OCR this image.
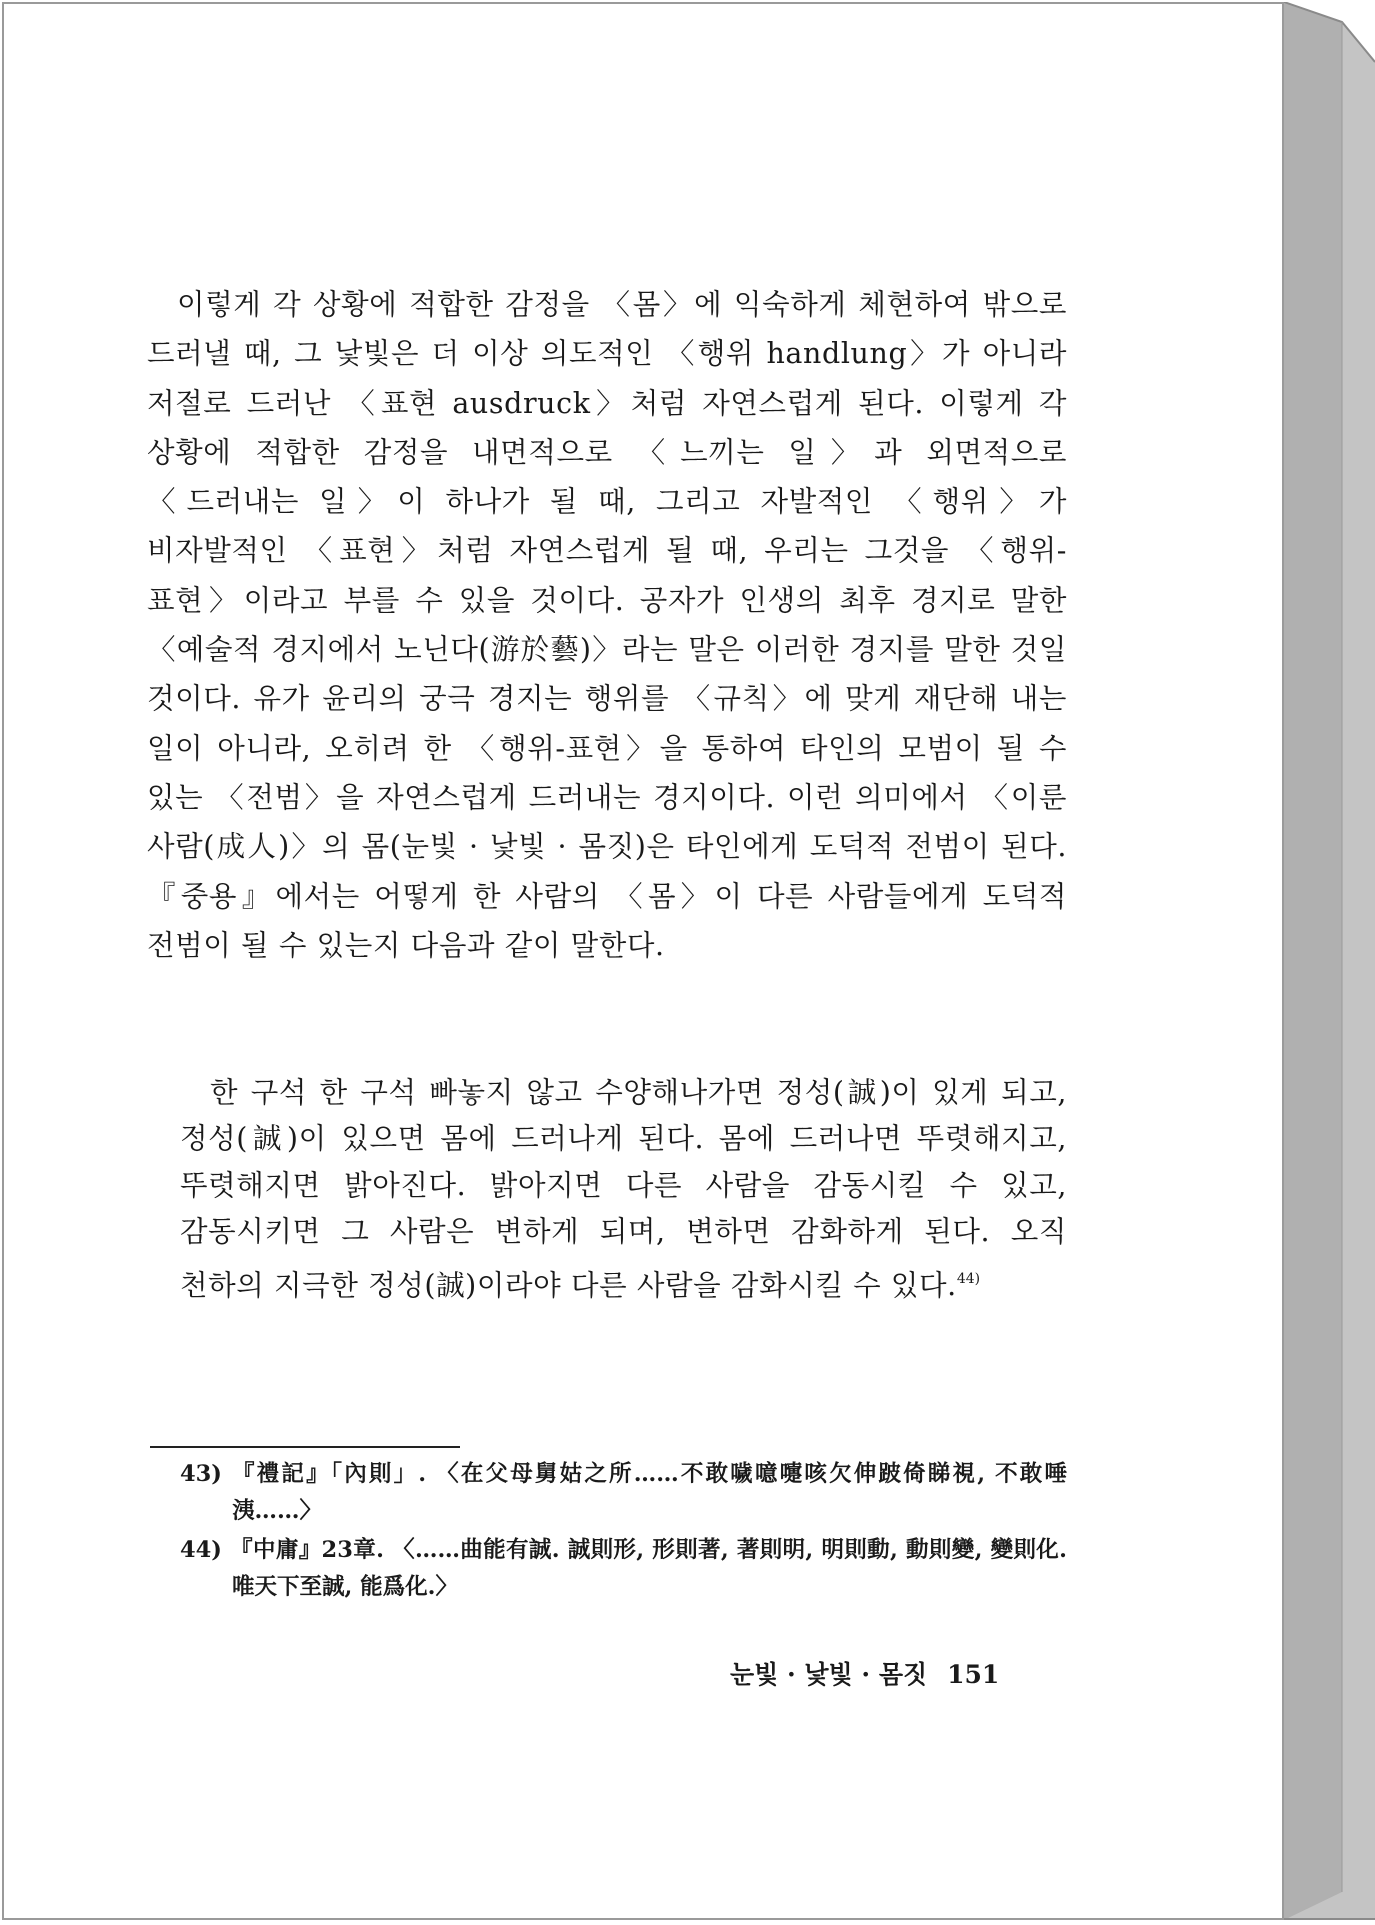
이렇게 각 상황에 적합한 감정을 〈몸〉에 익숙하게 체현하여 밖으로 드러낼 때, 그 낯빛은 더 이상 의도적인 〈행위 handlung〉가 아니라 저절로 드러난 〈표현 ausdruck〉처럼 자연스럽게 된다. 이렇게 각 상황에 적합한 감정을 내면적으로 〈느끼는 일〉과 외면적으로 〈드러내는 일〉이 하나가 될 때, 그리고 자발적인 〈행위〉가 비자발적인 〈표현〉처럼 자연스럽게 될 때, 우리는 그것을 〈행위-표현〉이라고 부를 수 있을 것이다. 공자가 인생의 최후 경지로 말한 〈예술적 경지에서 노닌다(游於藝)〉라는 말은 이러한 경지를 말한 것일 것이다. 유가 윤리의 궁극 경지는 행위를 〈규칙〉에 맞게 재단해 내는 일이 아니라, 오히려 한 〈행위-표현〉을 통하여 타인의 모범이 될 수 있는 〈전범〉을 자연스럽게 드러내는 경지이다. 이런 의미에서 〈이룬 사람(成人)〉의 몸(눈빛 · 낯빛 · 몸짓)은 타인에게 도덕적 전범이 된다. 『중용』에서는 어떻게 한 사람의 〈몸〉이 다른 사람들에게 도덕적 전범이 될 수 있는지 다음과 같이 말한다.

한 구석 한 구석 빠놓지 않고 수양해나가면 정성(誠)이 있게 되고, 정성(誠)이 있으면 몸에 드러나게 된다. 몸에 드러나면 뚜렷해지고, 뚜렷해지면 밝아진다. 밝아지면 다른 사람을 감동시킬 수 있고, 감동시키면 그 사람은 변하게 되며, 변하면 감화하게 된다. 오직 천하의 지극한 정성(誠)이라야 다른 사람을 감화시킬 수 있다.$^{44)}$

43) 『禮記』「內則」. 〈在父母舅姑之所……不敢噦噫嚏咳欠伸跛倚睇視, 不敢唾洟……〉
44) 『中庸』23章. 〈……曲能有誠. 誠則形, 形則著, 著則明, 明則動, 動則變, 變則化. 唯天下至誠, 能爲化.〉
눈빛 · 낯빛 · 몸짓 151
